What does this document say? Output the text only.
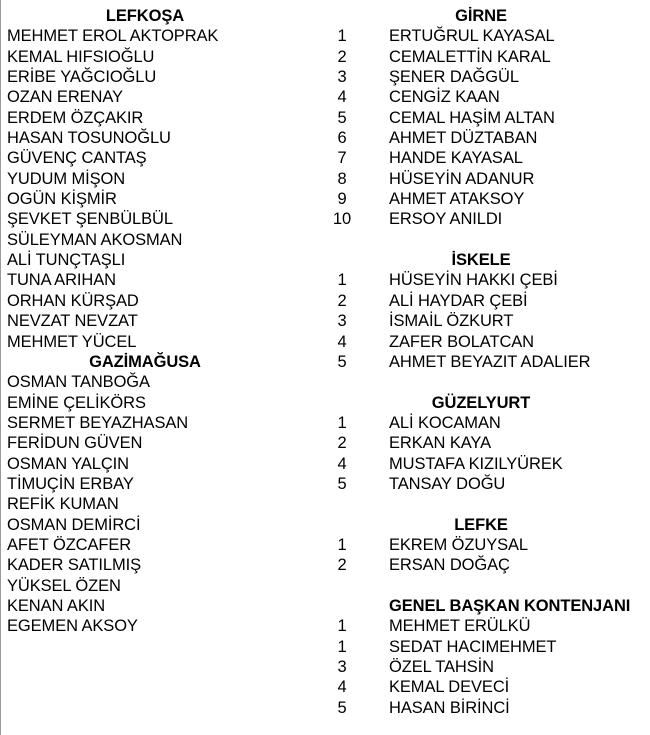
LEFKOŞA
MEHMET EROL AKTOPRAK
KEMAL HIFSIOĞLU
ERİBE YAĞCIOĞLU
OZAN ERENAY
ERDEM ÖZÇAKIR
HASAN TOSUNOĞLU
GÜVENÇ CANTAŞ
YUDUM MİŞON
OGÜN KİŞMİR
ŞEVKET ŞENBÜLBÜL
SÜLEYMAN AKOSMAN
ALİ TUNÇTAŞLI
TUNA ARIHAN
ORHAN KÜRŞAD
NEVZAT NEVZAT
MEHMET YÜCEL
GAZİMAĞUSA
OSMAN TANBOĞA
EMİNE ÇELİKÖRS
SERMET BEYAZHASAN
FERİDUN GÜVEN
OSMAN YALÇIN
TİMUÇİN ERBAY
REFİK KUMAN
OSMAN DEMİRCİ
AFET ÖZCAFER
KADER SATILMIŞ
YÜKSEL ÖZEN
KENAN AKIN
EGEMEN AKSOY
1
2
3
4
5
6
7
8
9
10
1
2
3
4
5
1
2
4
5
1
2
1
1
3
4
5
GİRNE
ERTUĞRUL KAYASAL
CEMALETTİN KARAL
ŞENER DAĞGÜL
CENGİZ KAAN
CEMAL HAŞİM ALTAN
AHMET DÜZTABAN
HANDE KAYASAL
HÜSEYİN ADANUR
AHMET ATAKSOY
ERSOY ANILDI
İSKELE
HÜSEYİN HAKKI ÇEBİ
ALİ HAYDAR ÇEBİ
İSMAİL ÖZKURT
ZAFER BOLATCAN
AHMET BEYAZIT ADALIER
GÜZELYURT
ALİ KOCAMAN
ERKAN KAYA
MUSTAFA KIZILYÜREK
TANSAY DOĞU
LEFKE
EKREM ÖZUYSAL
ERSAN DOĞAÇ
GENEL BAŞKAN KONTENJANI
MEHMET ERÜLKÜ
SEDAT HACIMEHMET
ÖZEL TAHSİN
KEMAL DEVECİ
HASAN BİRİNCİ
